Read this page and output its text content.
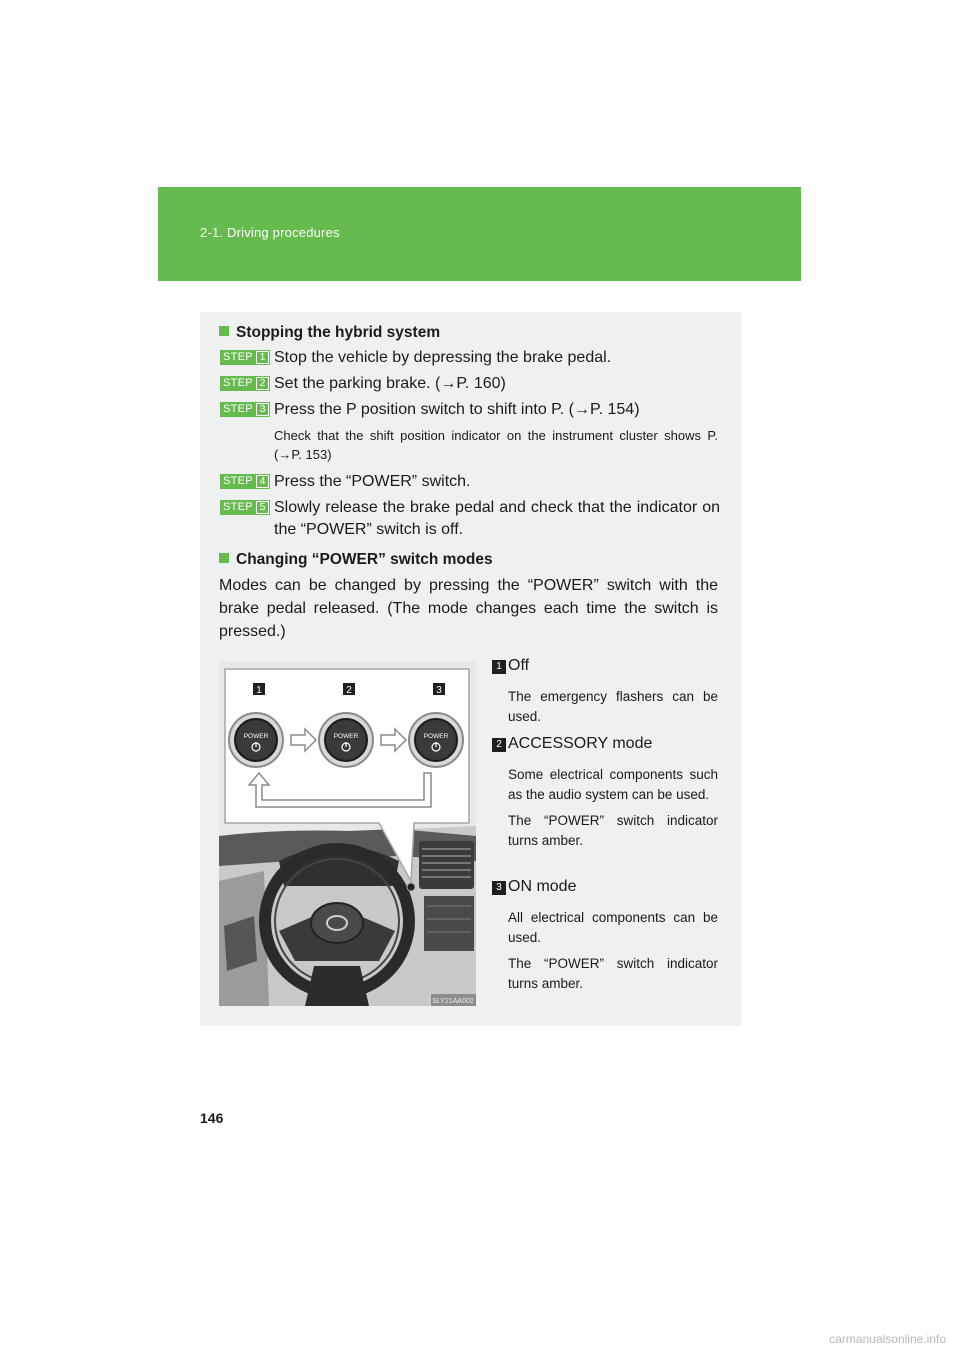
2-1. Driving procedures
Stopping the hybrid system
STEP 1 Stop the vehicle by depressing the brake pedal.
STEP 2 Set the parking brake. (→P. 160)
STEP 3 Press the P position switch to shift into P. (→P. 154)
Check that the shift position indicator on the instrument cluster shows P. (→P. 153)
STEP 4 Press the “POWER” switch.
STEP 5 Slowly release the brake pedal and check that the indicator on the “POWER” switch is off.
Changing “POWER” switch modes
Modes can be changed by pressing the “POWER” switch with the brake pedal released. (The mode changes each time the switch is pressed.)
1	2	3
POWER	POWER	POWER
SLY21AA002
1 Off
The emergency flashers can be used.
2 ACCESSORY mode
Some electrical components such as the audio system can be used.
The “POWER” switch indicator turns amber.
3 ON mode
All electrical components can be used.
The “POWER” switch indicator turns amber.
146
carmanualsonline.info
